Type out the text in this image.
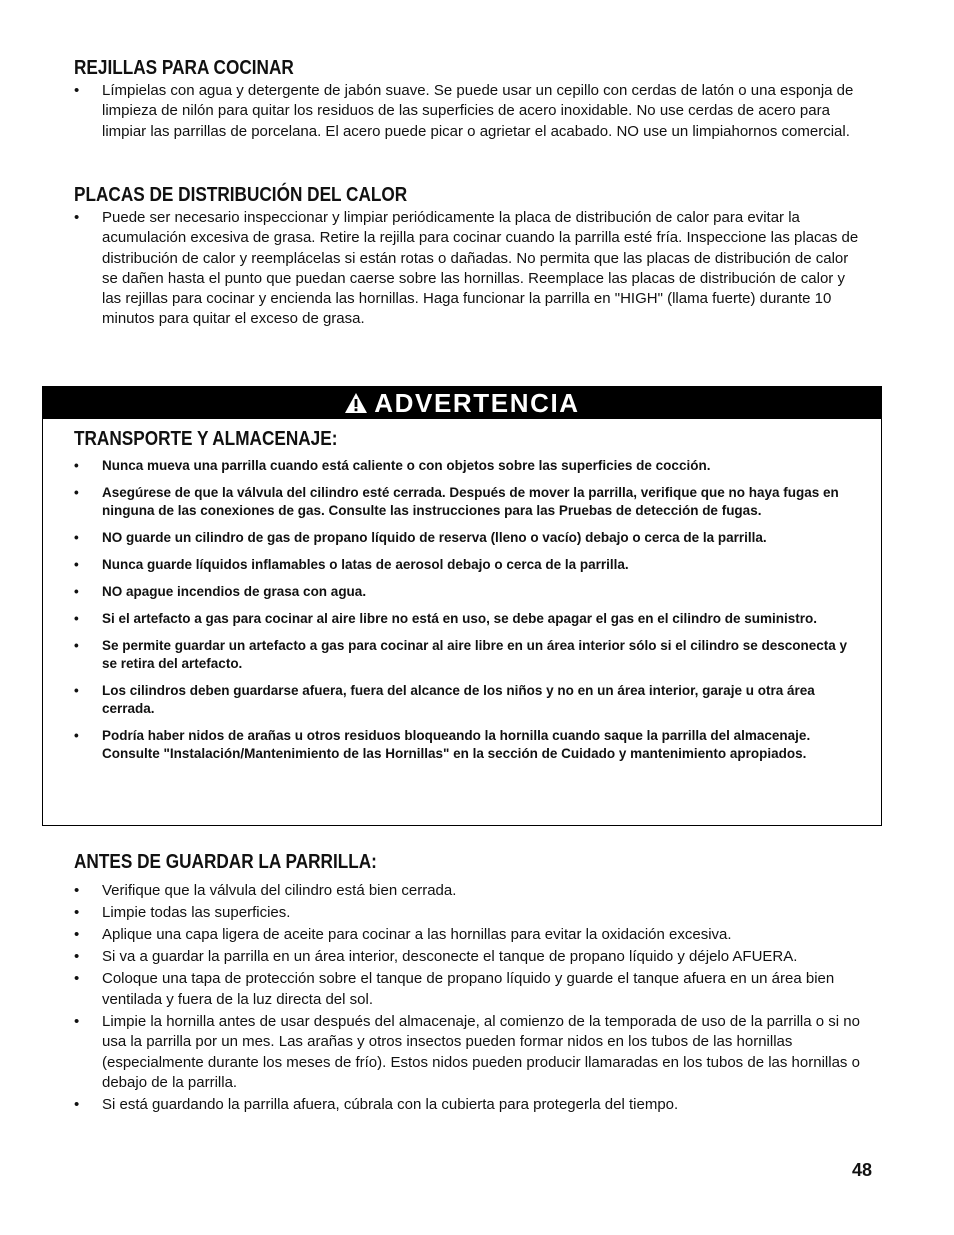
REJILLAS PARA COCINAR
•	Límpielas con agua y detergente de jabón suave. Se puede usar un cepillo con cerdas de latón o una esponja de limpieza de nilón para quitar los residuos de las superficies de acero inoxidable. No use cerdas de acero para limpiar las parrillas de porcelana. El acero puede picar o agrietar el acabado. NO use un limpiahornos comercial.
PLACAS DE DISTRIBUCIÓN DEL CALOR
•	Puede ser necesario inspeccionar y limpiar periódicamente la placa de distribución de calor para evitar la acumulación excesiva de grasa. Retire la rejilla para cocinar cuando la parrilla esté fría. Inspeccione las placas de distribución de calor y reemplácelas si están rotas o dañadas. No permita que las placas de distribución de calor se dañen hasta el punto que puedan caerse sobre las hornillas. Reemplace las placas de distribución de calor y las rejillas para cocinar y encienda las hornillas. Haga funcionar la parrilla en "HIGH" (llama fuerte) durante 10 minutos para quitar el exceso de grasa.
ADVERTENCIA
TRANSPORTE Y ALMACENAJE:
•	Nunca mueva una parrilla cuando está caliente o con objetos sobre las superficies de cocción.
•	Asegúrese de que la válvula del cilindro esté cerrada. Después de mover la parrilla, verifique que no haya fugas en ninguna de las conexiones de gas. Consulte las instrucciones para las Pruebas de detección de fugas.
•	NO guarde un cilindro de gas de propano líquido de reserva (lleno o vacío) debajo o cerca de la parrilla.
•	Nunca guarde líquidos inflamables o latas de aerosol debajo o cerca de la parrilla.
•	NO apague incendios de grasa con agua.
•	Si el artefacto a gas para cocinar al aire libre no está en uso, se debe apagar el gas en el cilindro de suministro.
•	Se permite guardar un artefacto a gas para cocinar al aire libre en un área interior sólo si el cilindro se desconecta y se retira del artefacto.
•	Los cilindros deben guardarse afuera, fuera del alcance de los niños y no en un área interior, garaje u otra área cerrada.
•	Podría haber nidos de arañas u otros residuos bloqueando la hornilla cuando saque la parrilla del almacenaje. Consulte "Instalación/Mantenimiento de las Hornillas" en la sección de Cuidado y mantenimiento apropiados.
ANTES DE GUARDAR LA PARRILLA:
•	Verifique que la válvula del cilindro está bien cerrada.
•	Limpie todas las superficies.
•	Aplique una capa ligera de aceite para cocinar a las hornillas para evitar la oxidación excesiva.
•	Si va a guardar la parrilla en un área interior, desconecte el tanque de propano líquido y déjelo AFUERA.
•	Coloque una tapa de protección sobre el tanque de propano líquido y guarde el tanque afuera en un área bien ventilada y fuera de la luz directa del sol.
•	Limpie la hornilla antes de usar después del almacenaje, al comienzo de la temporada de uso de la parrilla o si no usa la parrilla por un mes. Las arañas y otros insectos pueden formar nidos en los tubos de las hornillas (especialmente durante los meses de frío). Estos nidos pueden producir llamaradas en los tubos de las hornillas o debajo de la parrilla.
•	Si está guardando la parrilla afuera, cúbrala con la cubierta para protegerla del tiempo.
48
